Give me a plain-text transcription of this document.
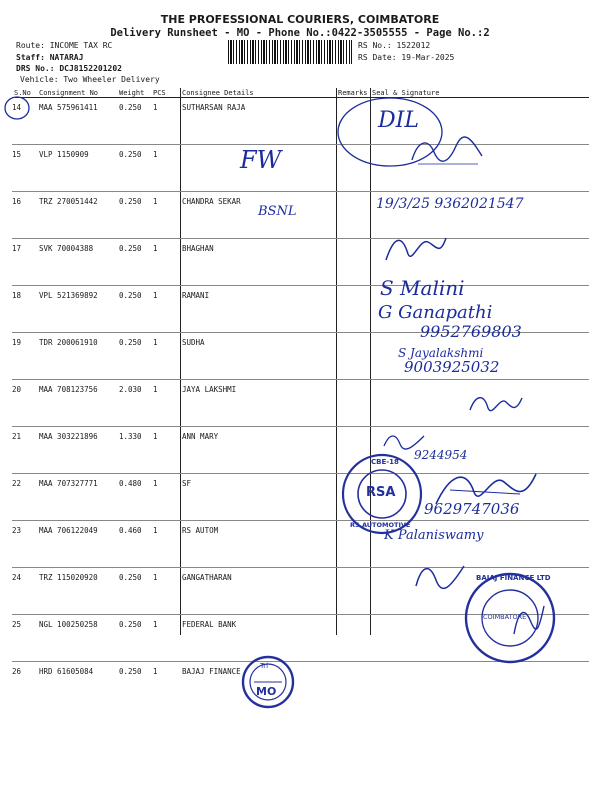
THE PROFESSIONAL COURIERS, COIMBATORE
Delivery Runsheet - MO - Phone No.:0422-3505555 - Page No.:2
Route: INCOME TAX RC
Staff: NATARAJ
DRS No.: DCJ8152201202
Vehicle: Two Wheeler Delivery
RS No.: 1522012
RS Date: 19-Mar-2025
S.No	Consignment No	Weight	PCS	Consignee Details	Remarks	Seal & Signature
14	MAA 575961411	0.250	1	SUTHARSAN RAJA		
15	VLP 1150909	0.250	1			
16	TRZ 270051442	0.250	1	CHANDRA SEKAR		
17	SVK 70004388	0.250	1	BHAGHAN		
18	VPL 521369892	0.250	1	RAMANI		
19	TDR 200061910	0.250	1	SUDHA		
20	MAA 708123756	2.030	1	JAYA LAKSHMI		
21	MAA 303221896	1.330	1	ANN MARY		
22	MAA 707327771	0.480	1	SF		
23	MAA 706122049	0.460	1	RS AUTOM		
24	TRZ 115020920	0.250	1	GANGATHARAN		
25	NGL 100250258	0.250	1	FEDERAL BANK		
26	HRD 61605084	0.250	1	BAJAJ FINANCE		
DIL
FW
BSNL	19/3/25 9362021547
S Malini
G Ganapathi
9952769803
S Jayalakshmi
9003925032
9244954
9629747036
K Palaniswamy
RSA
RS AUTOMOTIVE
CBE-18
BAJAJ FINANCE LTD
COIMBATORE
Tri
MO
